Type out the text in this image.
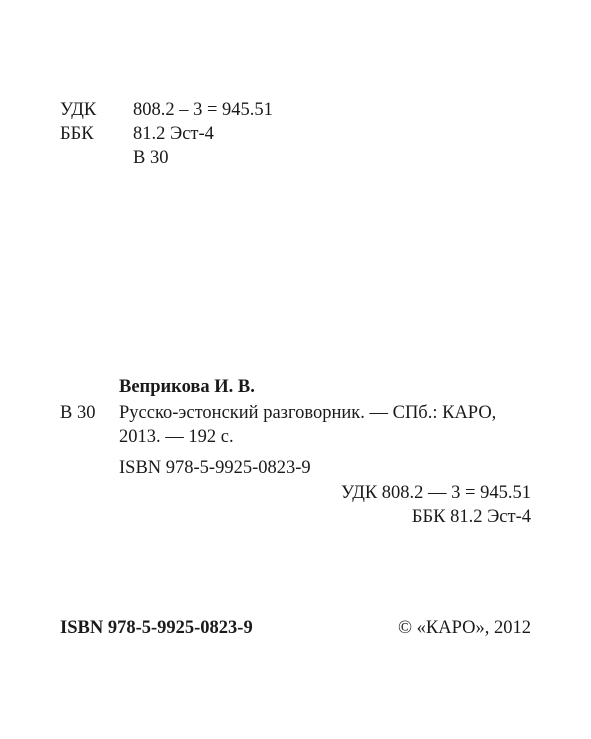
УДК 808.2 – 3 = 945.51
ББК 81.2 Эст-4
В 30
Вeприкова И. В.
В 30 Русско-эстонский разговорник. — СПб.: КАРО,
2013. — 192 с.
ISBN 978-5-9925-0823-9
УДК 808.2 — 3 = 945.51
ББК 81.2 Эст-4
ISBN 978-5-9925-0823-9	© «КАРО», 2012
